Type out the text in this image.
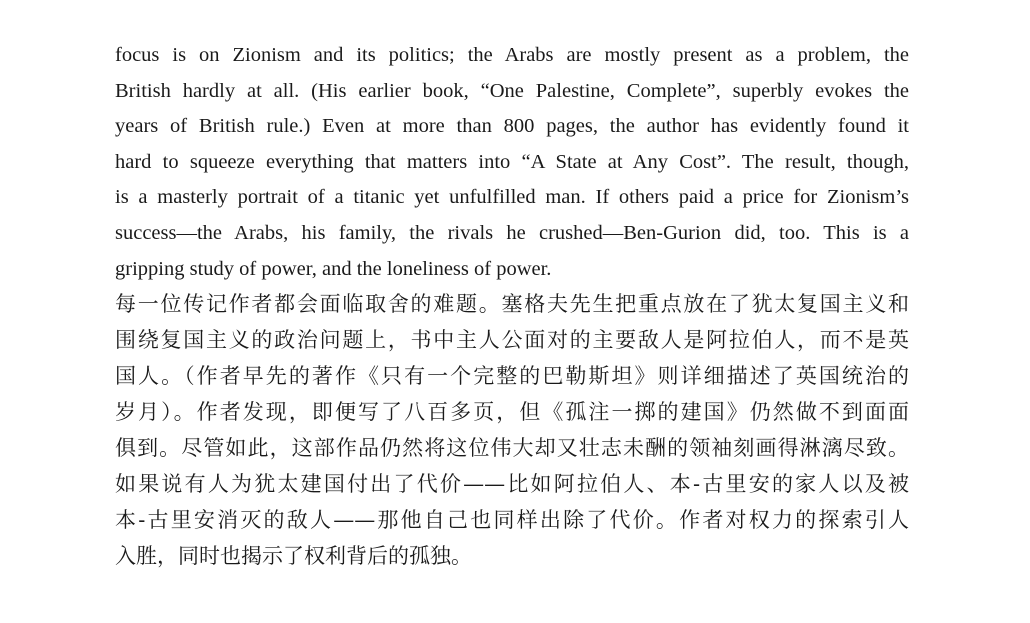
focus is on Zionism and its politics; the Arabs are mostly present as a problem, the
British hardly at all. (His earlier book, “One Palestine, Complete”, superbly evokes the
years of British rule.) Even at more than 800 pages, the author has evidently found it
hard to squeeze everything that matters into “A State at Any Cost”. The result, though,
is a masterly portrait of a titanic yet unfulfilled man. If others paid a price for Zionism’s
success—the Arabs, his family, the rivals he crushed—Ben-Gurion did, too. This is a
gripping study of power, and the loneliness of power.
每一位传记作者都会面临取舍的难题。塞格夫先生把重点放在了犹太复国主义和
围绕复国主义的政治问题上，书中主人公面对的主要敌人是阿拉伯人，而不是英
国人。（作者早先的著作《只有一个完整的巴勒斯坦》则详细描述了英国统治的
岁月）。作者发现，即便写了八百多页，但《孤注一掷的建国》仍然做不到面面
俱到。尽管如此，这部作品仍然将这位伟大却又壮志未酬的领袖刻画得淋漓尽致。
如果说有人为犹太建国付出了代价——比如阿拉伯人、本-古里安的家人以及被
本-古里安消灭的敌人——那他自己也同样出除了代价。作者对权力的探索引人
入胜，同时也揭示了权利背后的孤独。
